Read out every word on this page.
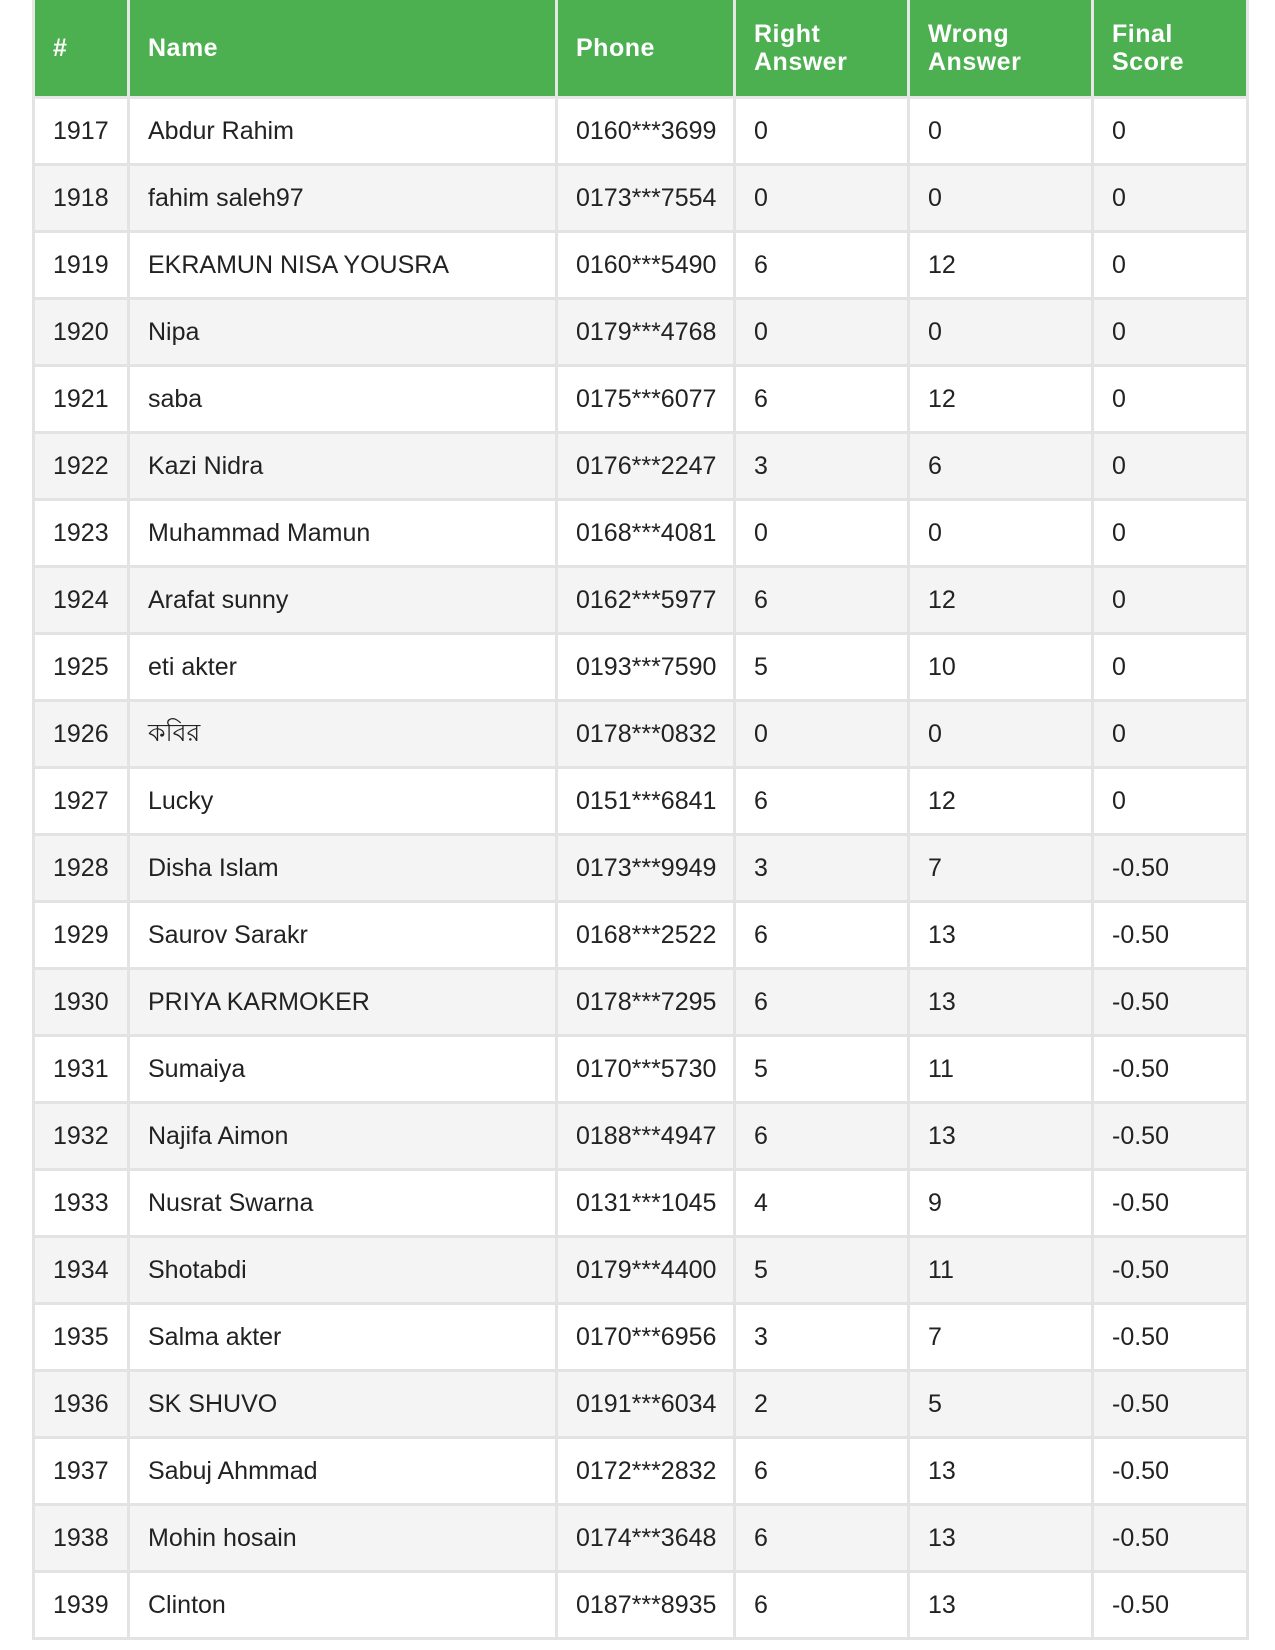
#	Name	Phone	Right Answer	Wrong Answer	Final Score
1917	Abdur Rahim	0160***3699	0	0	0
1918	fahim saleh97	0173***7554	0	0	0
1919	EKRAMUN NISA YOUSRA	0160***5490	6	12	0
1920	Nipa	0179***4768	0	0	0
1921	saba	0175***6077	6	12	0
1922	Kazi Nidra	0176***2247	3	6	0
1923	Muhammad Mamun	0168***4081	0	0	0
1924	Arafat sunny	0162***5977	6	12	0
1925	eti akter	0193***7590	5	10	0
1926	কবির	0178***0832	0	0	0
1927	Lucky	0151***6841	6	12	0
1928	Disha Islam	0173***9949	3	7	-0.50
1929	Saurov Sarakr	0168***2522	6	13	-0.50
1930	PRIYA KARMOKER	0178***7295	6	13	-0.50
1931	Sumaiya	0170***5730	5	11	-0.50
1932	Najifa Aimon	0188***4947	6	13	-0.50
1933	Nusrat Swarna	0131***1045	4	9	-0.50
1934	Shotabdi	0179***4400	5	11	-0.50
1935	Salma akter	0170***6956	3	7	-0.50
1936	SK SHUVO	0191***6034	2	5	-0.50
1937	Sabuj Ahmmad	0172***2832	6	13	-0.50
1938	Mohin hosain	0174***3648	6	13	-0.50
1939	Clinton	0187***8935	6	13	-0.50
